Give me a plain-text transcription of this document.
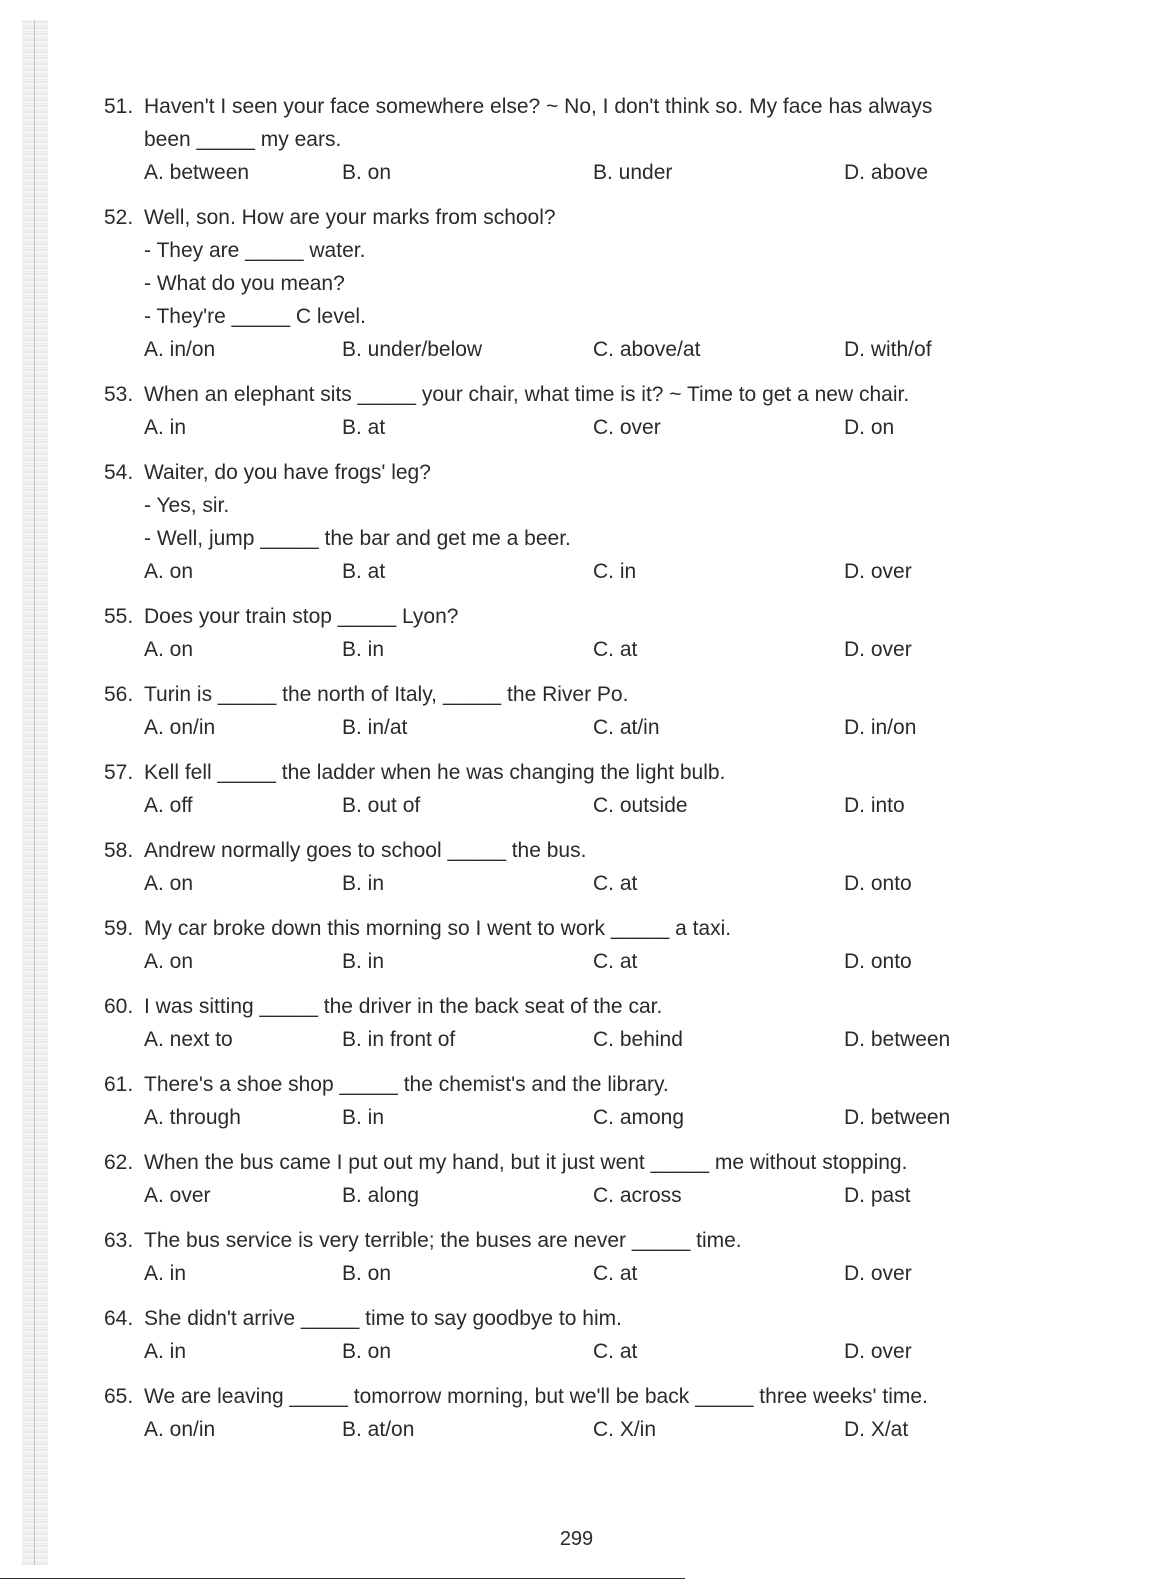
51. Haven't I seen your face somewhere else? ~ No, I don't think so. My face has always
been _____ my ears.
A. between	B. on	B. under	D. above
52. Well, son. How are your marks from school?
- They are _____ water.
- What do you mean?
- They're _____ C level.
A. in/on	B. under/below	C. above/at	D. with/of
53. When an elephant sits _____ your chair, what time is it? ~ Time to get a new chair.
A. in	B. at	C. over	D. on
54. Waiter, do you have frogs' leg?
- Yes, sir.
- Well, jump _____ the bar and get me a beer.
A. on	B. at	C. in	D. over
55. Does your train stop _____ Lyon?
A. on	B. in	C. at	D. over
56. Turin is _____ the north of Italy, _____ the River Po.
A. on/in	B. in/at	C. at/in	D. in/on
57. Kell fell _____ the ladder when he was changing the light bulb.
A. off	B. out of	C. outside	D. into
58. Andrew normally goes to school _____ the bus.
A. on	B. in	C. at	D. onto
59. My car broke down this morning so I went to work _____ a taxi.
A. on	B. in	C. at	D. onto
60. I was sitting _____ the driver in the back seat of the car.
A. next to	B. in front of	C. behind	D. between
61. There's a shoe shop _____ the chemist's and the library.
A. through	B. in	C. among	D. between
62. When the bus came I put out my hand, but it just went _____ me without stopping.
A. over	B. along	C. across	D. past
63. The bus service is very terrible; the buses are never _____ time.
A. in	B. on	C. at	D. over
64. She didn't arrive _____ time to say goodbye to him.
A. in	B. on	C. at	D. over
65. We are leaving _____ tomorrow morning, but we'll be back _____ three weeks' time.
A. on/in	B. at/on	C. X/in	D. X/at
299
